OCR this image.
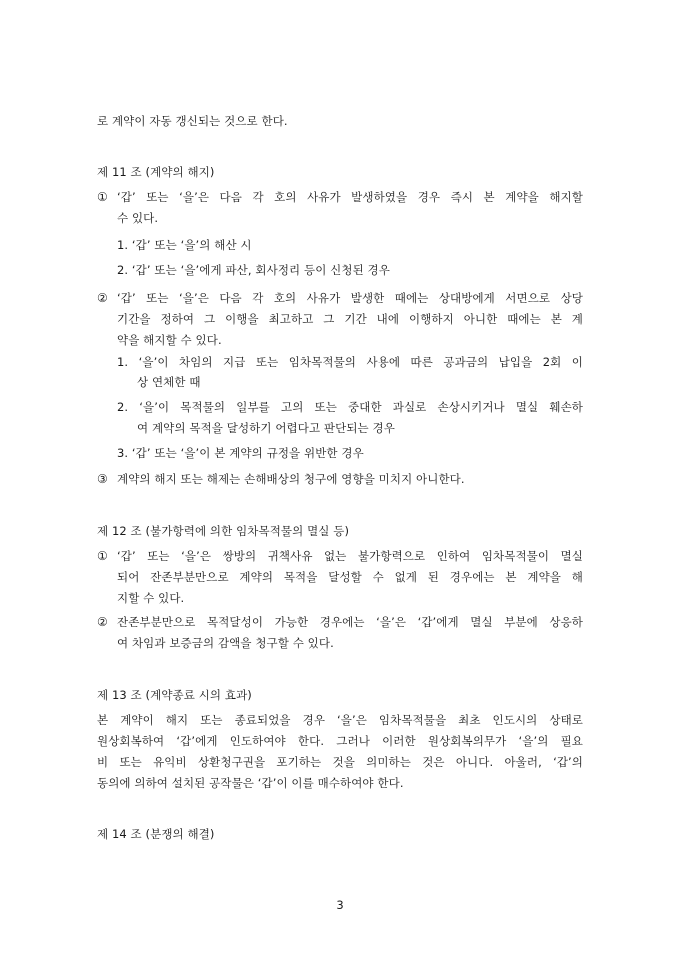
로 계약이 자동 갱신되는 것으로 한다.
제 11 조 (계약의 해지)
① ‘갑’ 또는 ‘을’은 다음 각 호의 사유가 발생하였을 경우 즉시 본 계약을 해지할
수 있다.
1. ‘갑’ 또는 ‘을’의 해산 시
2. ‘갑’ 또는 ‘을’에게 파산, 회사정리 등이 신청된 경우
② ‘갑’ 또는 ‘을’은 다음 각 호의 사유가 발생한 때에는 상대방에게 서면으로 상당
기간을 정하여 그 이행을 최고하고 그 기간 내에 이행하지 아니한 때에는 본 계
약을 해지할 수 있다.
1. ‘을’이 차임의 지급 또는 임차목적물의 사용에 따른 공과금의 납입을 2회 이
상 연체한 때
2. ‘을’이 목적물의 일부를 고의 또는 중대한 과실로 손상시키거나 멸실 훼손하
여 계약의 목적을 달성하기 어렵다고 판단되는 경우
3. ‘갑’ 또는 ‘을’이 본 계약의 규정을 위반한 경우
③ 계약의 해지 또는 해제는 손해배상의 청구에 영향을 미치지 아니한다.
제 12 조 (불가항력에 의한 임차목적물의 멸실 등)
① ‘갑’ 또는 ‘을’은 쌍방의 귀책사유 없는 불가항력으로 인하여 임차목적물이 멸실
되어 잔존부분만으로 계약의 목적을 달성할 수 없게 된 경우에는 본 계약을 해
지할 수 있다.
② 잔존부분만으로 목적달성이 가능한 경우에는 ‘을’은 ‘갑’에게 멸실 부분에 상응하
여 차임과 보증금의 감액을 청구할 수 있다.
제 13 조 (계약종료 시의 효과)
본 계약이 해지 또는 종료되었을 경우 ‘을’은 임차목적물을 최초 인도시의 상태로
원상회복하여 ‘갑’에게 인도하여야 한다. 그러나 이러한 원상회복의무가 ‘을’의 필요
비 또는 유익비 상환청구권을 포기하는 것을 의미하는 것은 아니다. 아울러, ‘갑’의
동의에 의하여 설치된 공작물은 ‘갑’이 이를 매수하여야 한다.
제 14 조 (분쟁의 해결)
3
